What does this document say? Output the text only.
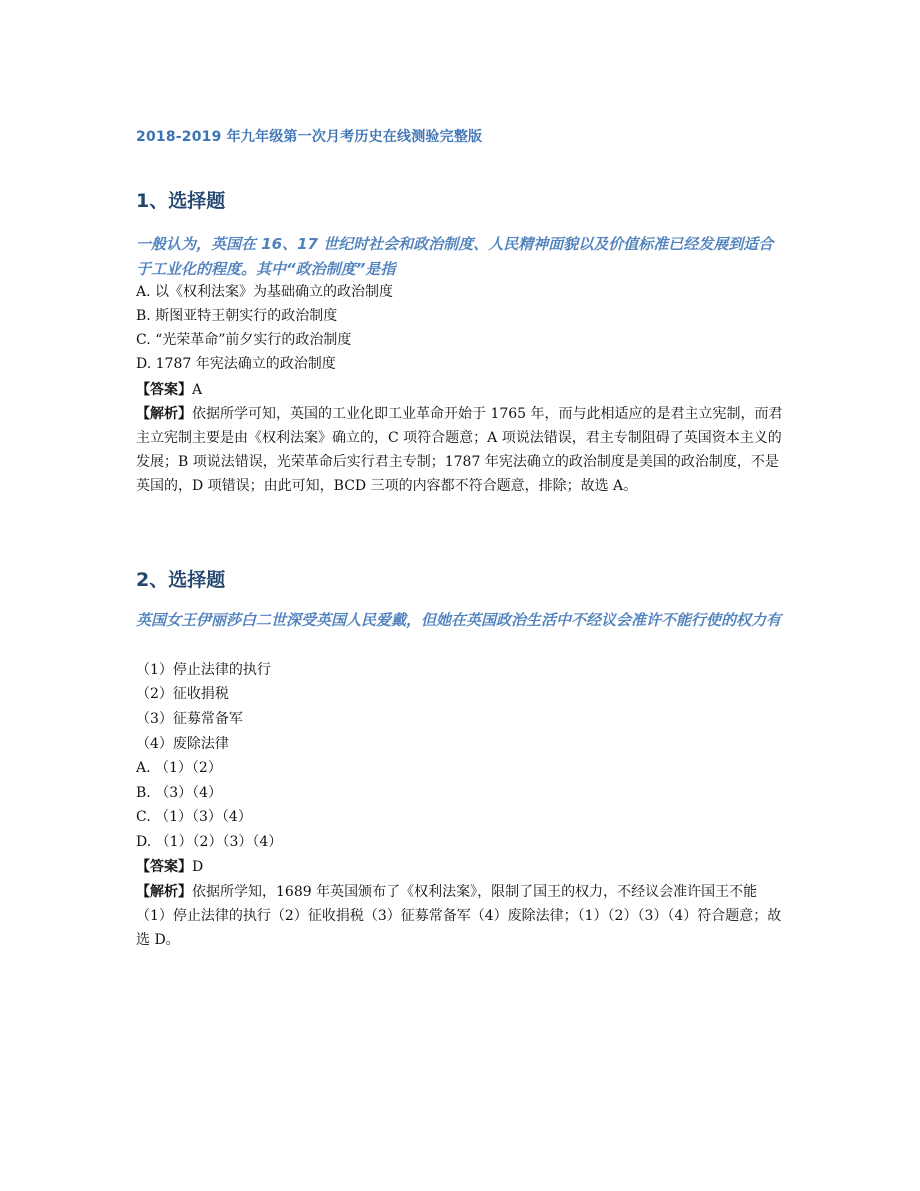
2018-2019 年九年级第一次月考历史在线测验完整版
1、选择题
一般认为，英国在 16、17 世纪时社会和政治制度、人民精神面貌以及价值标准已经发展到适合于工业化的程度。其中“政治制度”是指
A. 以《权利法案》为基础确立的政治制度
B. 斯图亚特王朝实行的政治制度
C. “光荣革命”前夕实行的政治制度
D. 1787 年宪法确立的政治制度
【答案】A
【解析】依据所学可知，英国的工业化即工业革命开始于 1765 年，而与此相适应的是君主立宪制，而君主立宪制主要是由《权利法案》确立的，C 项符合题意；A 项说法错误，君主专制阻碍了英国资本主义的发展；B 项说法错误，光荣革命后实行君主专制；1787 年宪法确立的政治制度是美国的政治制度，不是英国的，D 项错误；由此可知，BCD 三项的内容都不符合题意，排除；故选 A。
2、选择题
英国女王伊丽莎白二世深受英国人民爱戴，但她在英国政治生活中不经议会准许不能行使的权力有
（1）停止法律的执行
（2）征收捐税
（3）征募常备军
（4）废除法律
A. （1）（2）
B. （3）（4）
C. （1）（3）（4）
D. （1）（2）（3）（4）
【答案】D
【解析】依据所学知，1689 年英国颁布了《权利法案》，限制了国王的权力，不经议会准许国王不能（1）停止法律的执行（2）征收捐税（3）征募常备军（4）废除法律；（1）（2）（3）（4）符合题意；故选 D。
